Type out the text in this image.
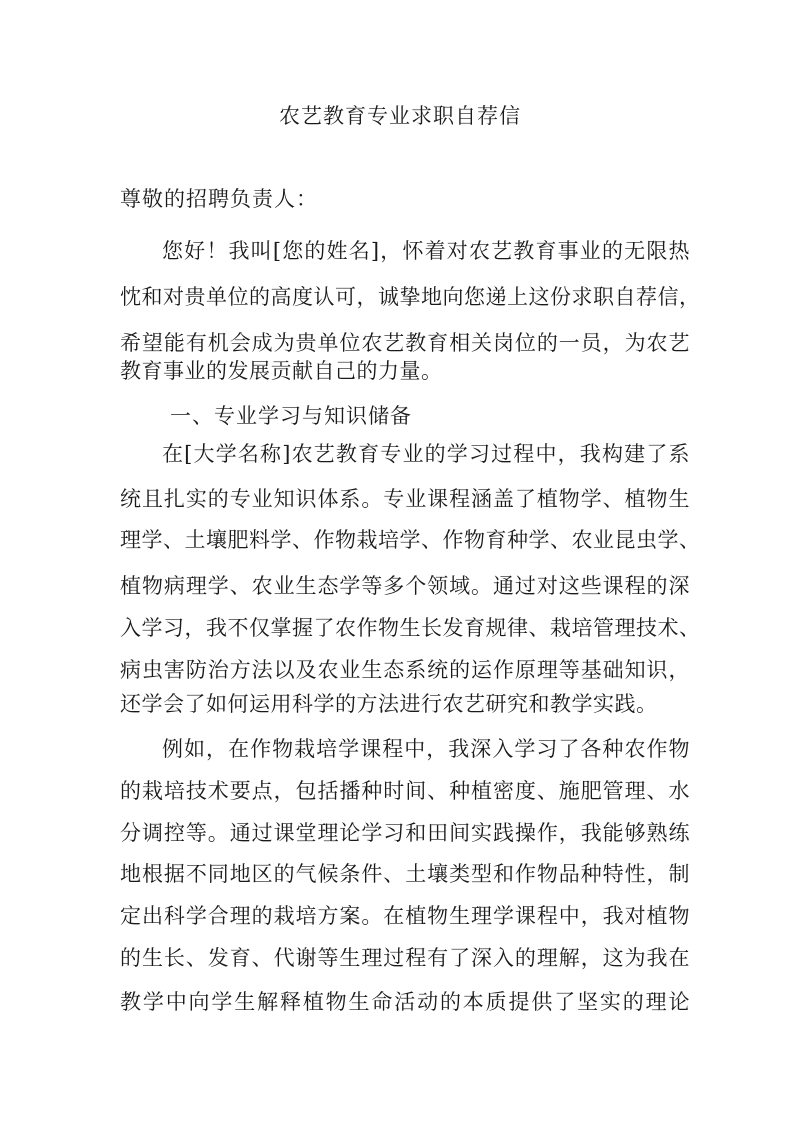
农艺教育专业求职自荐信
尊敬的招聘负责人：
您好！我叫[您的姓名]，怀着对农艺教育事业的无限热
忱和对贵单位的高度认可，诚挚地向您递上这份求职自荐信，
希望能有机会成为贵单位农艺教育相关岗位的一员，为农艺
教育事业的发展贡献自己的力量。
一、专业学习与知识储备
在[大学名称]农艺教育专业的学习过程中，我构建了系
统且扎实的专业知识体系。专业课程涵盖了植物学、植物生
理学、土壤肥料学、作物栽培学、作物育种学、农业昆虫学、
植物病理学、农业生态学等多个领域。通过对这些课程的深
入学习，我不仅掌握了农作物生长发育规律、栽培管理技术、
病虫害防治方法以及农业生态系统的运作原理等基础知识，
还学会了如何运用科学的方法进行农艺研究和教学实践。
例如，在作物栽培学课程中，我深入学习了各种农作物
的栽培技术要点，包括播种时间、种植密度、施肥管理、水
分调控等。通过课堂理论学习和田间实践操作，我能够熟练
地根据不同地区的气候条件、土壤类型和作物品种特性，制
定出科学合理的栽培方案。在植物生理学课程中，我对植物
的生长、发育、代谢等生理过程有了深入的理解，这为我在
教学中向学生解释植物生命活动的本质提供了坚实的理论
